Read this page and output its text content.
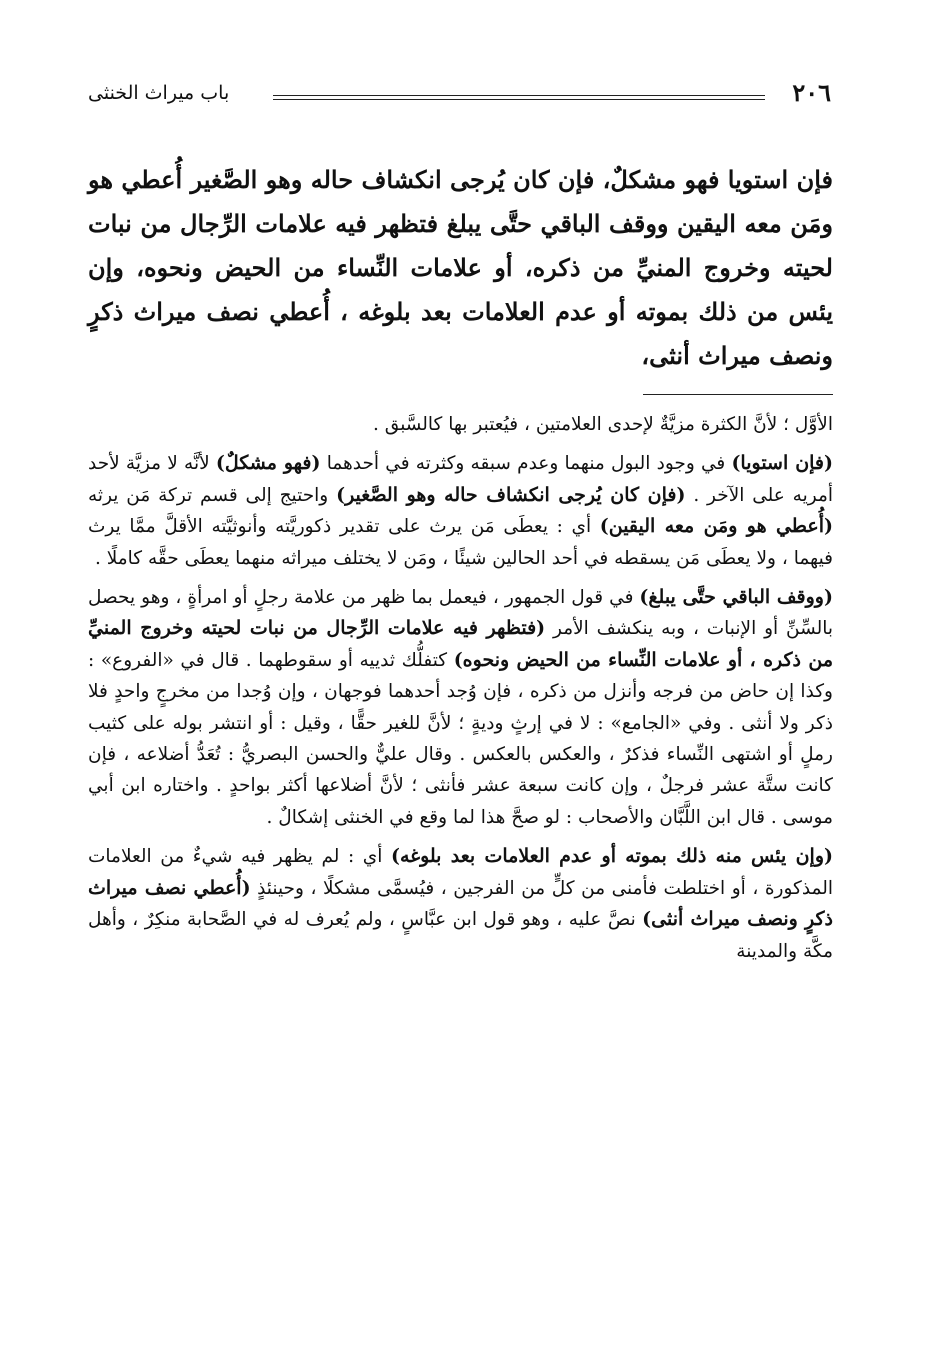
٢٠٦
باب ميراث الخنثى
فإن استويا فهو مشكلٌ، فإن كان يُرجى انكشاف حاله وهو الصَّغير أُعطي هو ومَن معه اليقين ووقف الباقي حتَّى يبلغ فتظهر فيه علامات الرِّجال من نبات لحيته وخروج المنيِّ من ذكره، أو علامات النِّساء من الحيض ونحوه، وإن يئس من ذلك بموته أو عدم العلامات بعد بلوغه ، أُعطي نصف ميراث ذكرٍ ونصف ميراث أنثى،

الأوَّل ؛ لأنَّ الكثرة مزيَّةٌ لإحدى العلامتين ، فيُعتبر بها كالسَّبق .

(فإن استويا) في وجود البول منهما وعدم سبقه وكثرته في أحدهما (فهو مشكلٌ) لأنَّه لا مزيَّة لأحد أمريه على الآخر . (فإن كان يُرجى انكشاف حاله وهو الصَّغير) واحتيج إلى قسم تركة مَن يرثه (أُعطي هو ومَن معه اليقين) أي : يعطَى مَن يرث على تقدير ذكوريَّته وأنوثيَّته الأقلَّ ممَّا يرث فيهما ، ولا يعطَى مَن يسقطه في أحد الحالين شيئًا ، ومَن لا يختلف ميراثه منهما يعطَى حقَّه كاملًا .

(ووقف الباقي حتَّى يبلغ) في قول الجمهور ، فيعمل بما ظهر من علامة رجلٍ أو امرأةٍ ، وهو يحصل بالسِّنِّ أو الإنبات ، وبه ينكشف الأمر (فتظهر فيه علامات الرِّجال من نبات لحيته وخروج المنيِّ من ذكره ، أو علامات النِّساء من الحيض ونحوه) كتفلُّك ثدييه أو سقوطهما . قال في «الفروع» : وكذا إن حاض من فرجه وأنزل من ذكره ، فإن وُجد أحدهما فوجهان ، وإن وُجدا من مخرجٍ واحدٍ فلا ذكر ولا أنثى . وفي «الجامع» : لا في إرثٍ وديةٍ ؛ لأنَّ للغير حقًّا ، وقيل : أو انتشر بوله على كثيب رملٍ أو اشتهى النِّساء فذكرٌ ، والعكس بالعكس . وقال عليٌّ والحسن البصريُّ : تُعَدُّ أضلاعه ، فإن كانت ستَّة عشر فرجلٌ ، وإن كانت سبعة عشر فأنثى ؛ لأنَّ أضلاعها أكثر بواحدٍ . واختاره ابن أبي موسى . قال ابن اللَّبَّان والأصحاب : لو صحَّ هذا لما وقع في الخنثى إشكالٌ .

(وإن يئس منه ذلك بموته أو عدم العلامات بعد بلوغه) أي : لم يظهر فيه شيءٌ من العلامات المذكورة ، أو اختلطت فأمنى من كلٍّ من الفرجين ، فيُسمَّى مشكلًا ، وحينئذٍ (أُعطي نصف ميراث ذكرٍ ونصف ميراث أنثى) نصَّ عليه ، وهو قول ابن عبَّاسٍ ، ولم يُعرف له في الصَّحابة منكِرٌ ، وأهل مكَّة والمدينة
